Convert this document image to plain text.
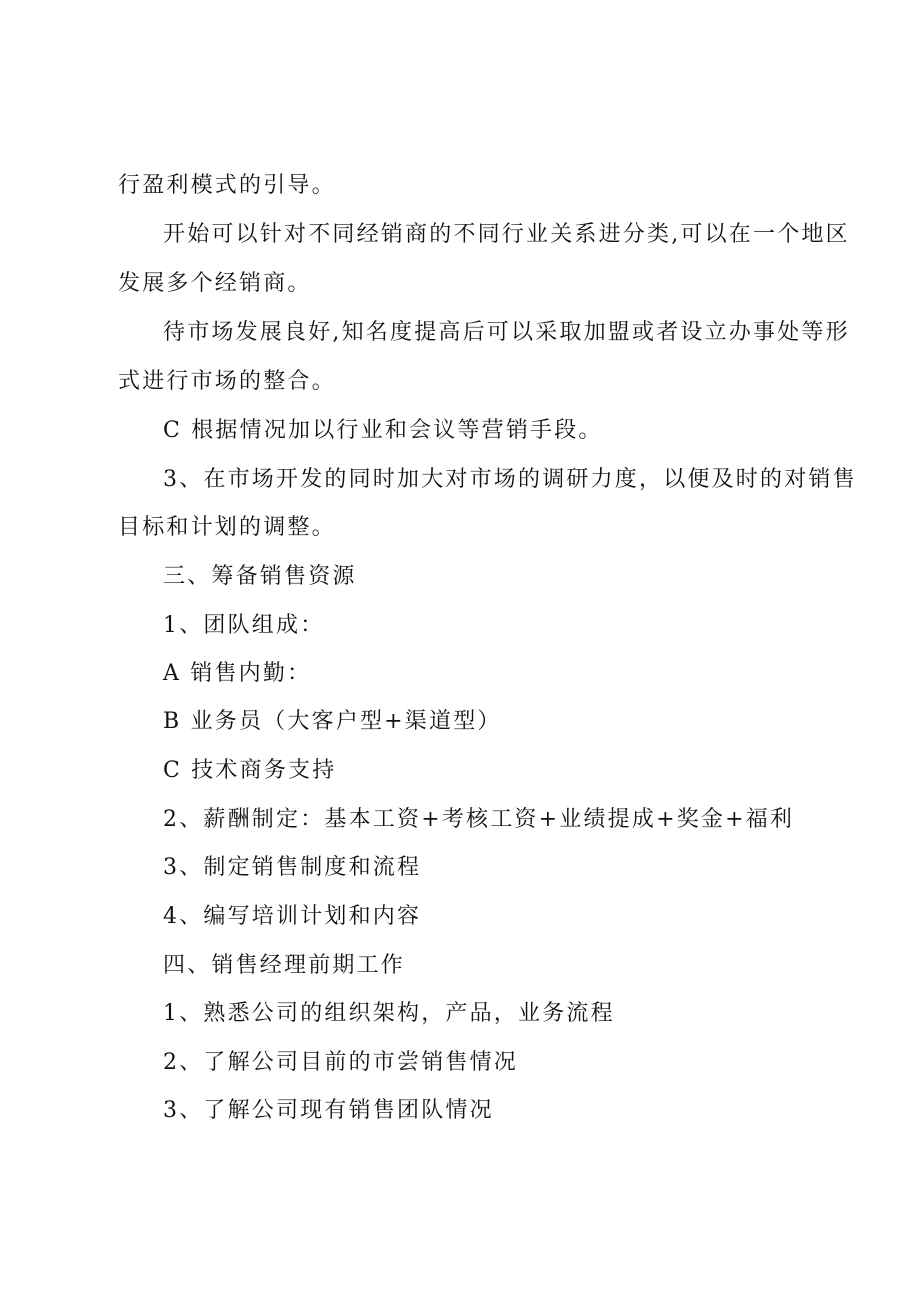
行盈利模式的引导。
开始可以针对不同经销商的不同行业关系进分类,可以在一个地区
发展多个经销商。
待市场发展良好,知名度提高后可以采取加盟或者设立办事处等形
式进行市场的整合。
C 根据情况加以行业和会议等营销手段。
3、在市场开发的同时加大对市场的调研力度，以便及时的对销售
目标和计划的调整。
三、筹备销售资源
1、团队组成：
A 销售内勤：
B 业务员（大客户型+渠道型）
C 技术商务支持
2、薪酬制定：基本工资+考核工资+业绩提成+奖金+福利
3、制定销售制度和流程
4、编写培训计划和内容
四、销售经理前期工作
1、熟悉公司的组织架构，产品，业务流程
2、了解公司目前的市尝销售情况
3、了解公司现有销售团队情况
